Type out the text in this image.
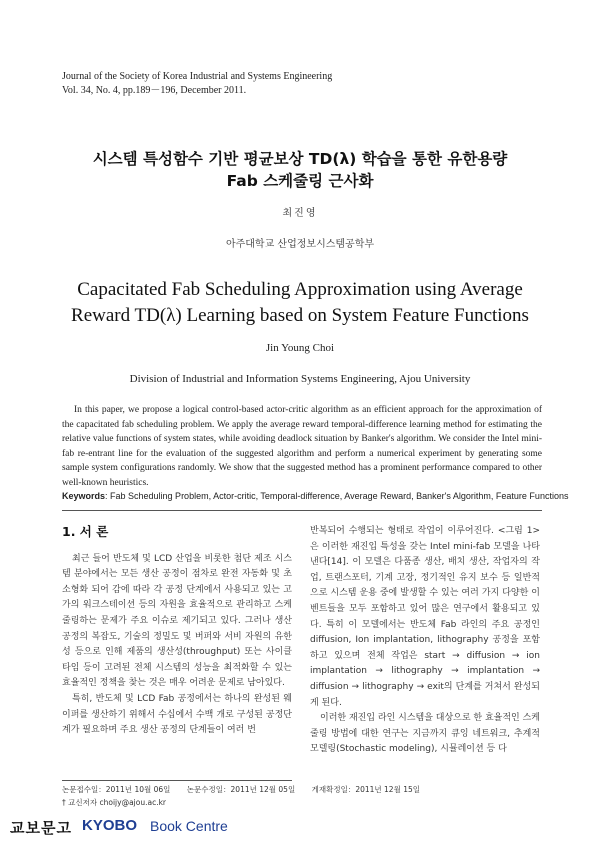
Journal of the Society of Korea Industrial and Systems Engineering
Vol. 34, No. 4, pp.189－196, December 2011.
시스템 특성함수 기반 평균보상 TD(λ) 학습을 통한 유한용량
Fab 스케줄링 근사화
최진영
아주대학교 산업정보시스템공학부
Capacitated Fab Scheduling Approximation using Average
Reward TD(λ) Learning based on System Feature Functions
Jin Young Choi
Division of Industrial and Information Systems Engineering, Ajou University
In this paper, we propose a logical control-based actor-critic algorithm as an efficient approach for the approximation of the capacitated fab scheduling problem. We apply the average reward temporal-difference learning method for estimating the relative value functions of system states, while avoiding deadlock situation by Banker's algorithm. We consider the Intel mini-fab re-entrant line for the evaluation of the suggested algorithm and perform a numerical experiment by generating some sample system configurations randomly. We show that the suggested method has a prominent performance compared to other well-known heuristics.
Keywords: Fab Scheduling Problem, Actor-critic, Temporal-difference, Average Reward, Banker's Algorithm, Feature Functions
1. 서 론

최근 들어 반도체 및 LCD 산업을 비롯한 첨단 제조 시스템 분야에서는 모든 생산 공정이 점차로 완전 자동화 및 초소형화 되어 감에 따라 각 공정 단계에서 사용되고 있는 고가의 워크스테이션 등의 자원을 효율적으로 관리하고 스케줄링하는 문제가 주요 이슈로 제기되고 있다. 그러나 생산 공정의 복잡도, 기술의 정밀도 및 버퍼와 서비 자원의 유한성 등으로 인해 제품의 생산성(throughput) 또는 사이클 타임 등이 고려된 전체 시스템의 성능을 최적화할 수 있는 효율적인 정책을 찾는 것은 매우 어려운 문제로 남아있다.

특히, 반도체 및 LCD Fab 공정에서는 하나의 완성된 웨이퍼를 생산하기 위해서 수십에서 수백 개로 구성된 공정단계가 필요하며 주요 생산 공정의 단계들이 여러 번

반복되어 수행되는 형태로 작업이 이루어진다. <그림 1>은 이러한 재진입 특성을 갖는 Intel mini-fab 모델을 나타낸다[14]. 이 모델은 다품종 생산, 배치 생산, 작업자의 작업, 트랜스포터, 기계 고장, 정기적인 유지 보수 등 일반적으로 시스템 운용 중에 발생할 수 있는 여러 가지 다양한 이벤트들을 모두 포함하고 있어 많은 연구에서 활용되고 있다. 특히 이 모델에서는 반도체 Fab 라인의 주요 공정인 diffusion, Ion implantation, lithography 공정을 포함하고 있으며 전체 작업은 start → diffusion → ion implantation → lithography → implantation → diffusion → lithography → exit의 단계를 거쳐서 완성되게 된다.

이러한 재진입 라인 시스템을 대상으로 한 효율적인 스케줄링 방법에 대한 연구는 지금까지 큐잉 네트워크, 추계적 모델링(Stochastic modeling), 시뮬레이션 등 다

논문접수일：2011년 10월 06일 논문수정일：2011년 12월 05일 게재확정일：2011년 12월 15일
† 교신저자 choijy@ajou.ac.kr
교보문고 KYOBO Book Centre
